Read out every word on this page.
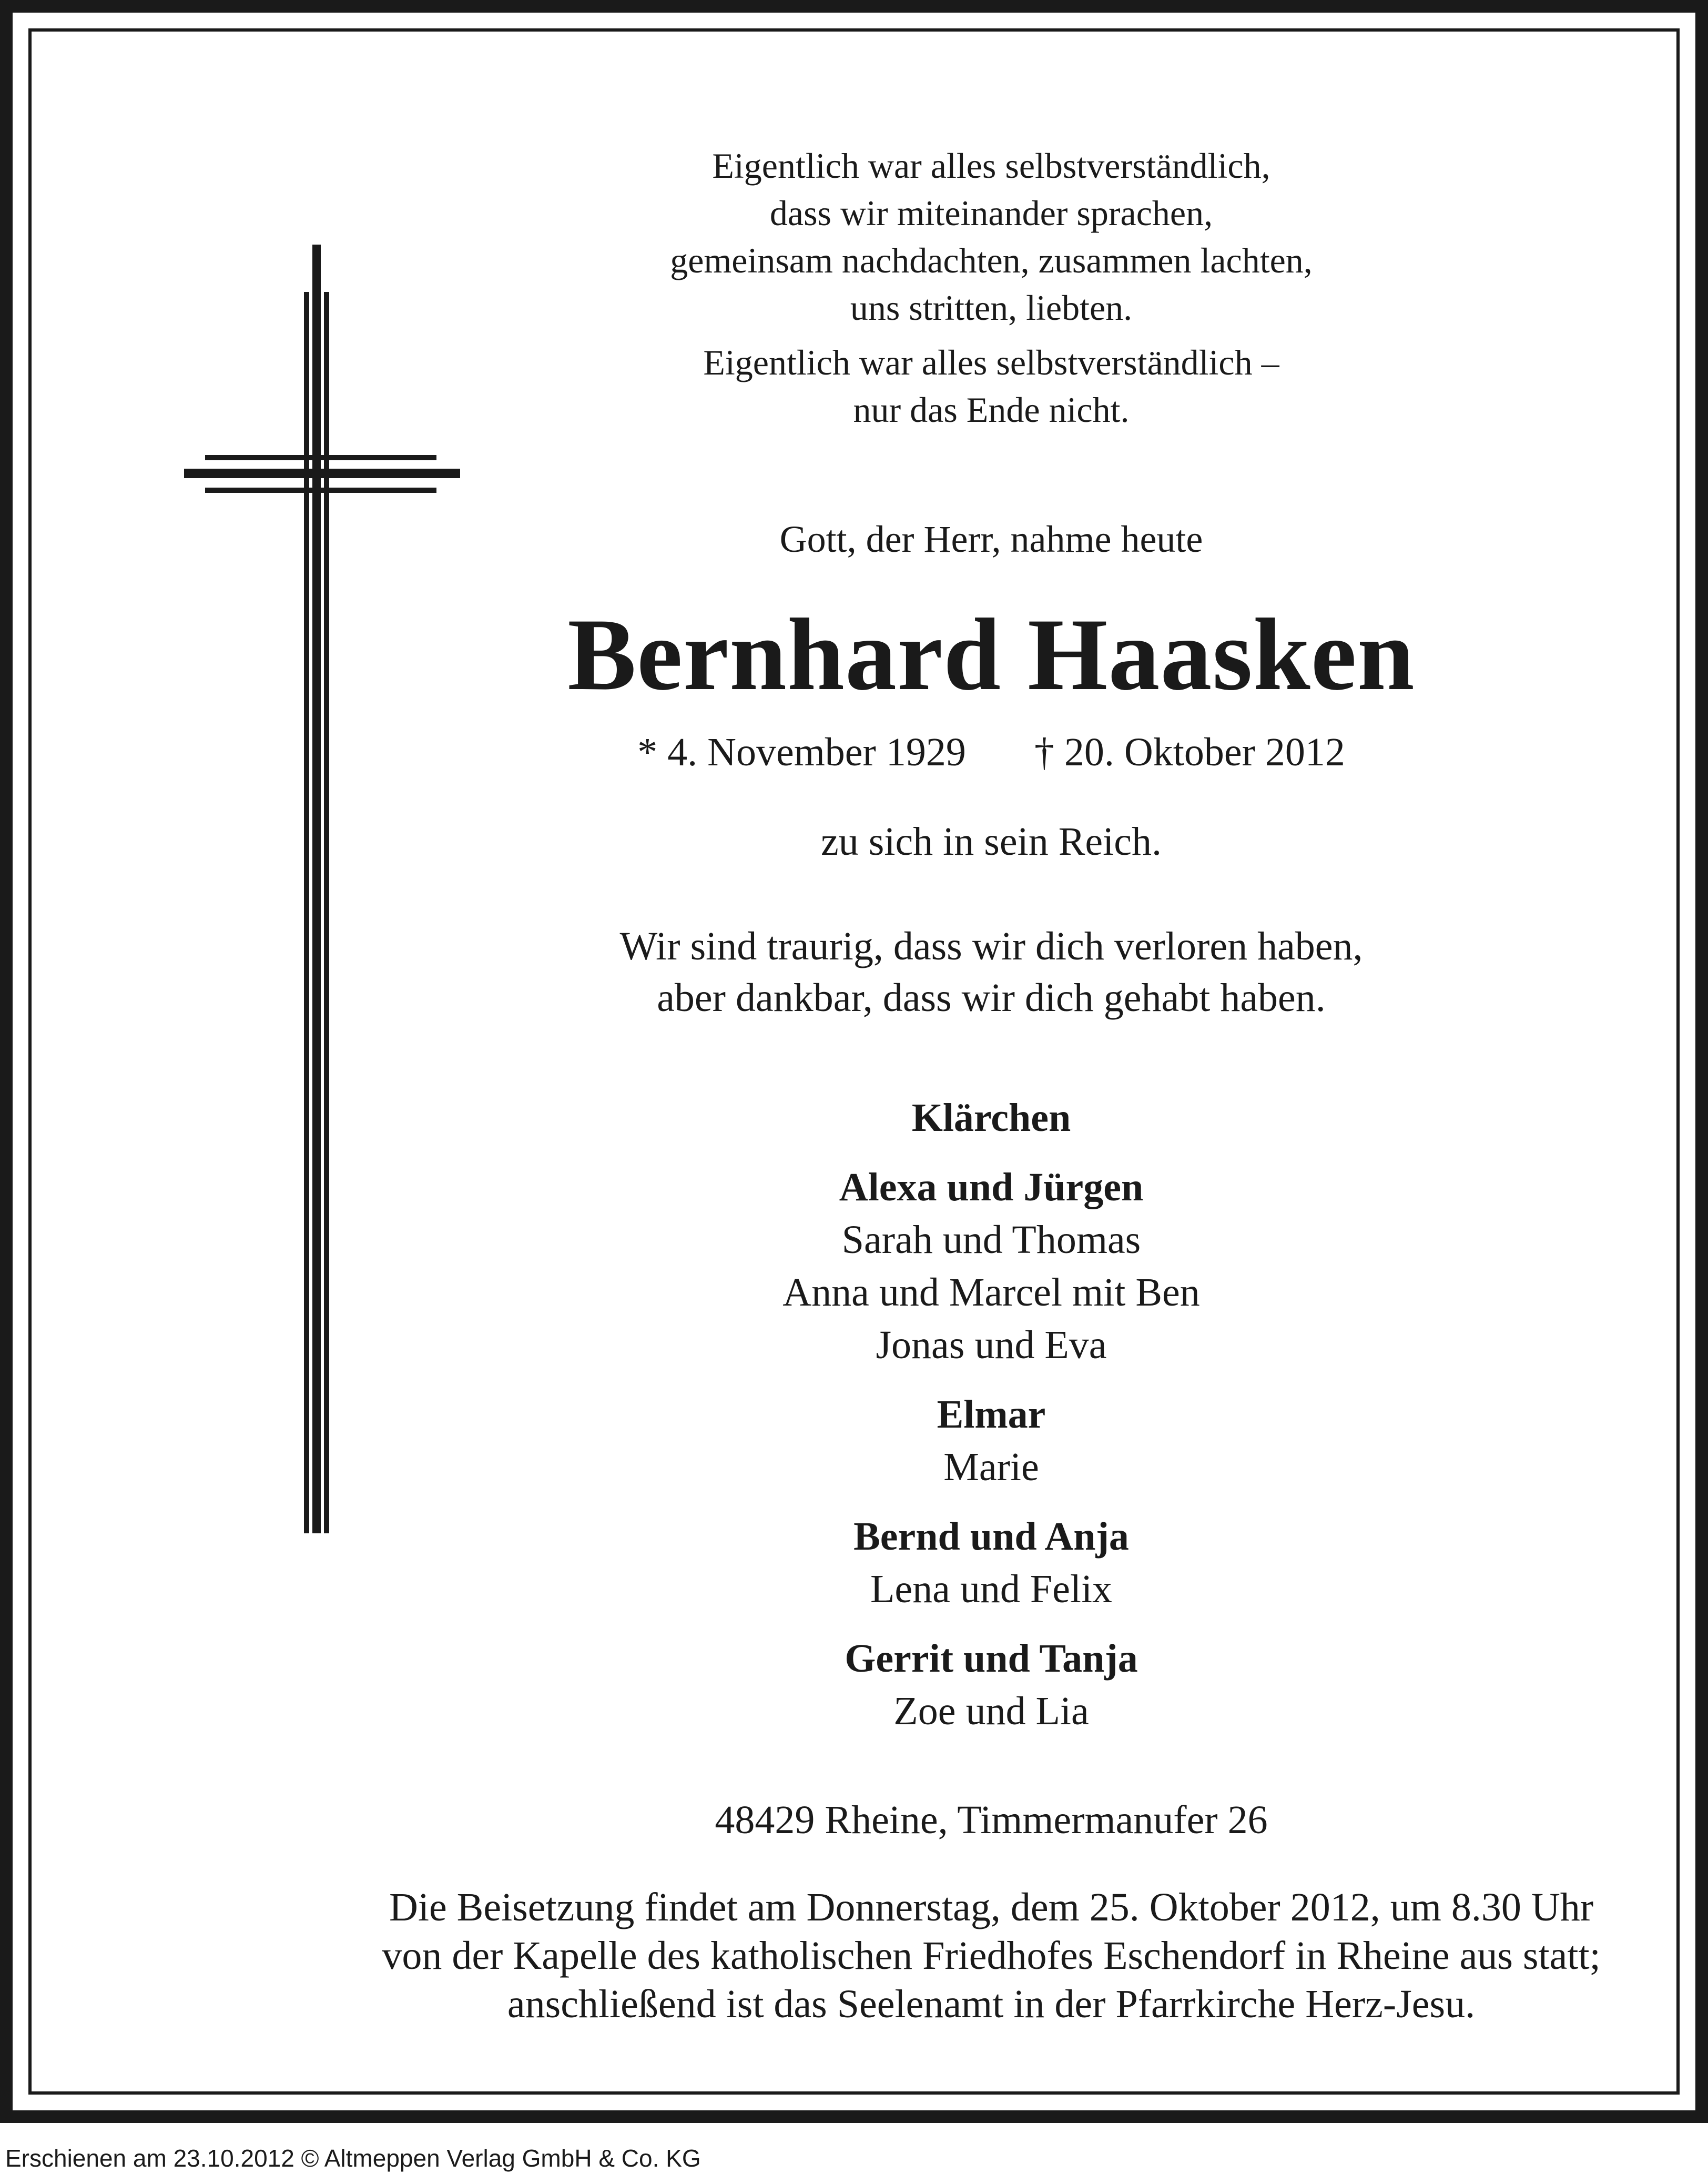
Eigentlich war alles selbstverständlich,
dass wir miteinander sprachen,
gemeinsam nachdachten, zusammen lachten,
uns stritten, liebten.
Eigentlich war alles selbstverständlich –
nur das Ende nicht.
Gott, der Herr, nahme heute
Bernhard Haasken
* 4. November 1929 † 20. Oktober 2012
zu sich in sein Reich.
Wir sind traurig, dass wir dich verloren haben,
aber dankbar, dass wir dich gehabt haben.
Klärchen
Alexa und Jürgen
Sarah und Thomas
Anna und Marcel mit Ben
Jonas und Eva
Elmar
Marie
Bernd und Anja
Lena und Felix
Gerrit und Tanja
Zoe und Lia
48429 Rheine, Timmermanufer 26
Die Beisetzung findet am Donnerstag, dem 25. Oktober 2012, um 8.30 Uhr
von der Kapelle des katholischen Friedhofes Eschendorf in Rheine aus statt;
anschließend ist das Seelenamt in der Pfarrkirche Herz-Jesu.
Erschienen am 23.10.2012 © Altmeppen Verlag GmbH & Co. KG
